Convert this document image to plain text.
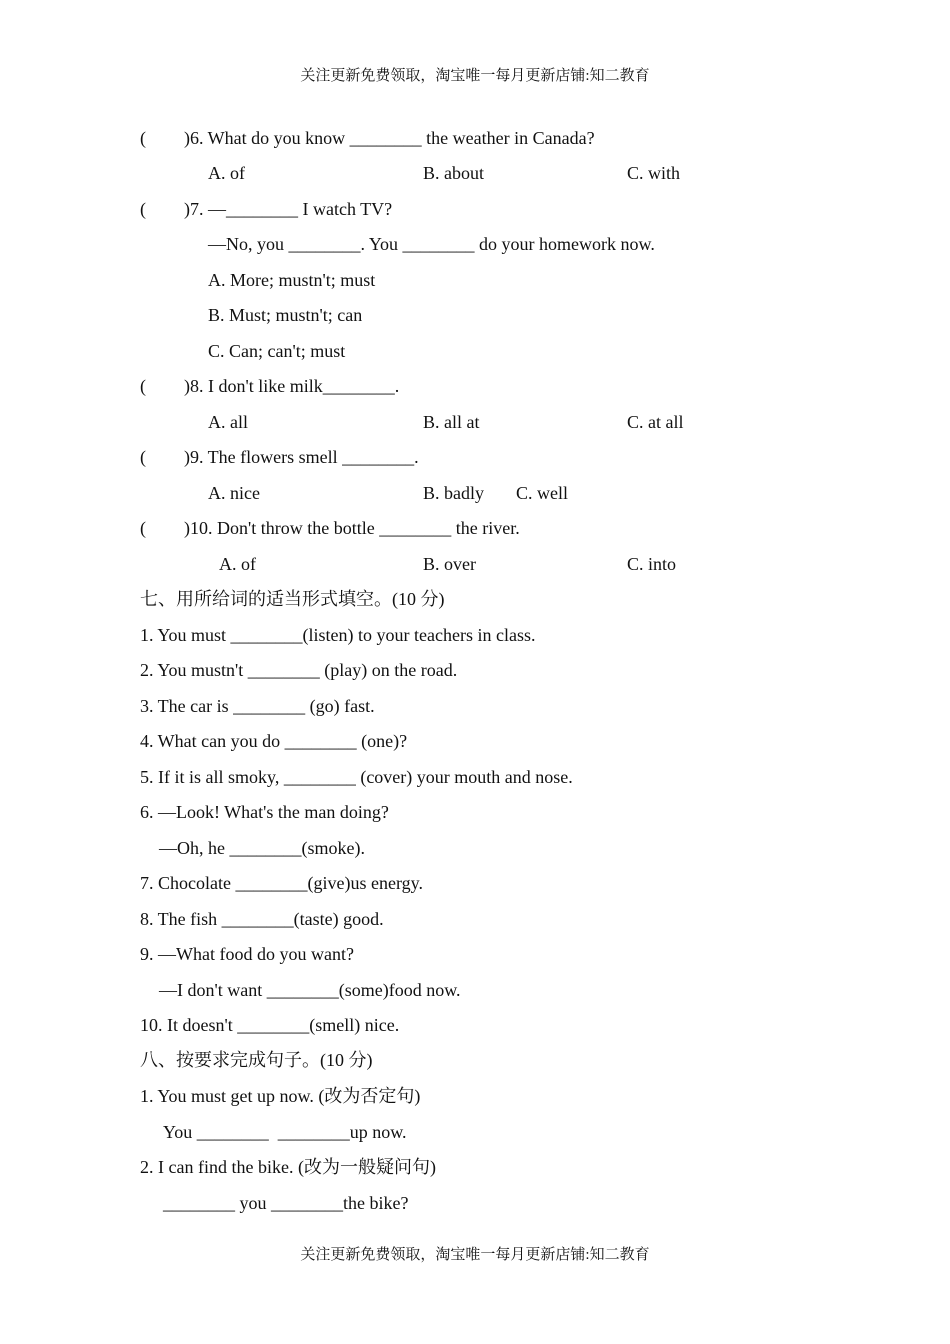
关注更新免费领取，淘宝唯一每月更新店铺:知二教育
( )6. What do you know ________ the weather in Canada?
A. of	B. about	C. with
( )7. —________ I watch TV?
—No, you ________. You ________ do your homework now.
A. More; mustn't; must
B. Must; mustn't; can
C. Can; can't; must
( )8. I don't like milk________.
A. all	B. all at	C. at all
( )9. The flowers smell ________.
A. nice	B. badly C. well
( )10. Don't throw the bottle ________ the river.
A. of	B. over	C. into
七、用所给词的适当形式填空。(10 分)
1. You must ________(listen) to your teachers in class.
2. You mustn't ________ (play) on the road.
3. The car is ________ (go) fast.
4. What can you do ________ (one)?
5. If it is all smoky, ________ (cover) your mouth and nose.
6. —Look! What's the man doing?
—Oh, he ________(smoke).
7. Chocolate ________(give)us energy.
8. The fish ________(taste) good.
9. —What food do you want?
—I don't want ________(some)food now.
10. It doesn't ________(smell) nice.
八、按要求完成句子。(10 分)
1. You must get up now. (改为否定句)
You ________  ________up now.
2. I can find the bike. (改为一般疑问句)
________ you ________the bike?
关注更新免费领取，淘宝唯一每月更新店铺:知二教育
